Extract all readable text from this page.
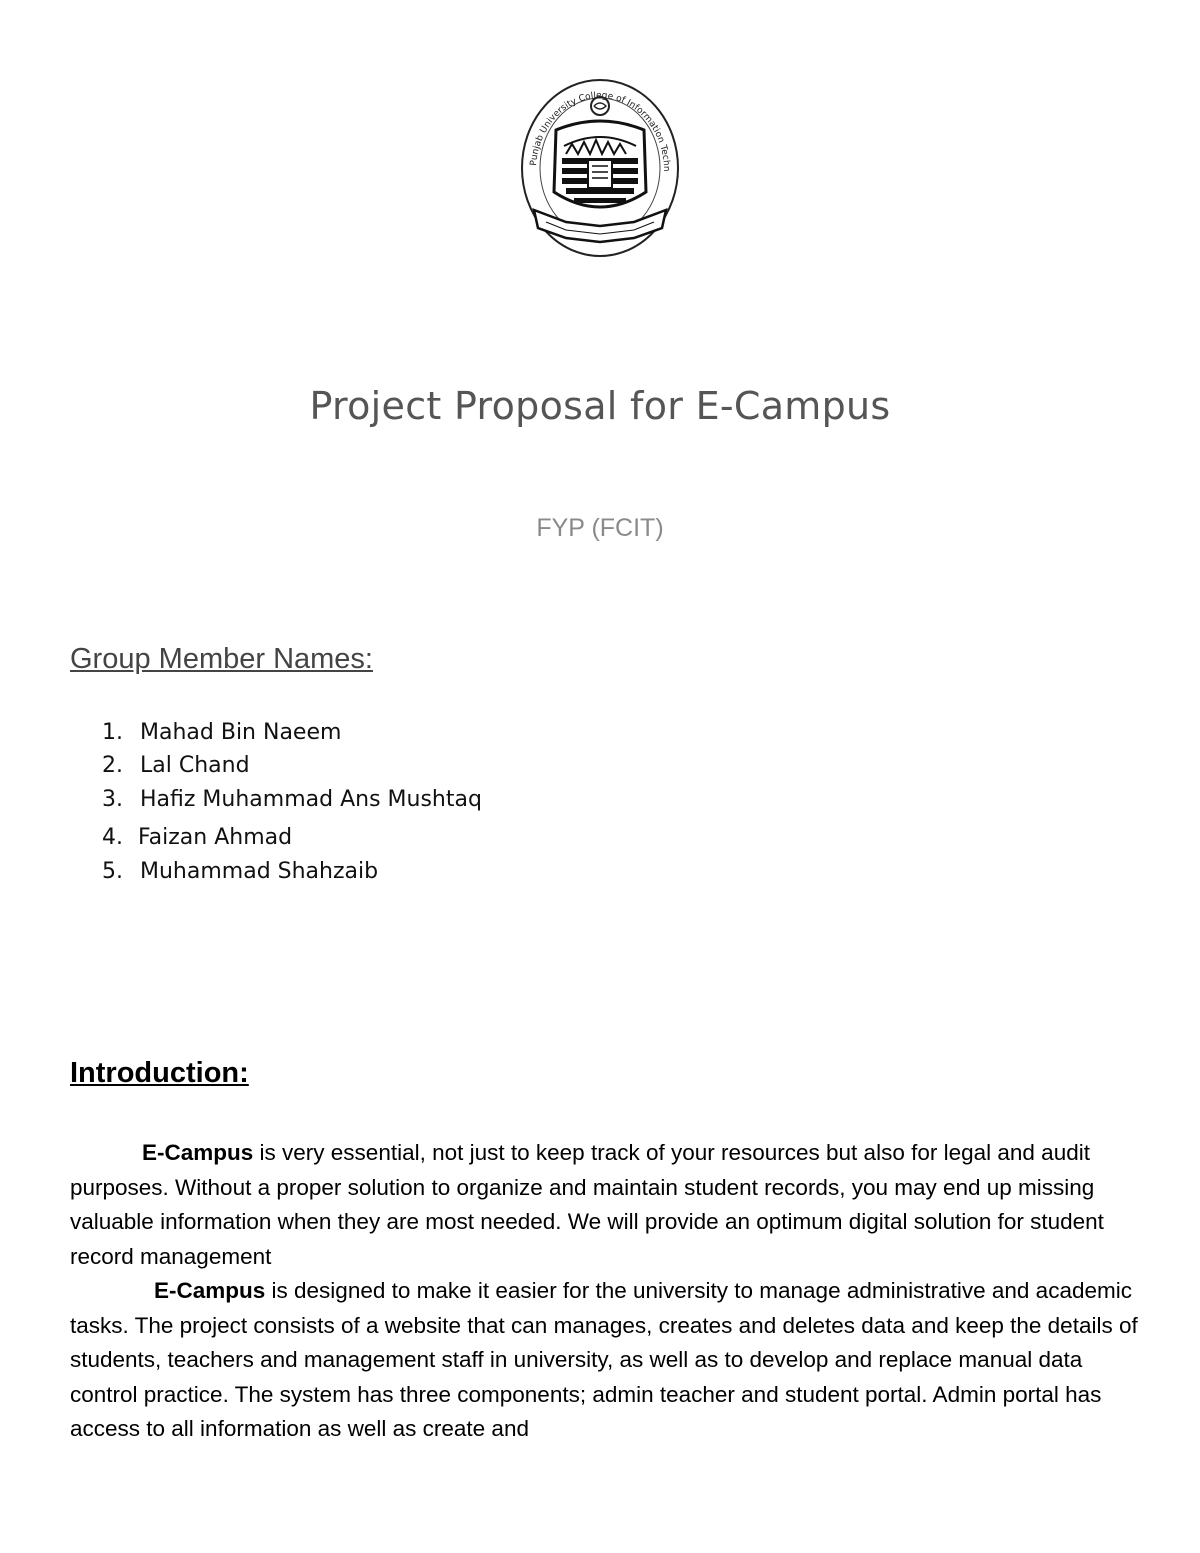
Punjab University College of Information Techn
Project Proposal for E-Campus

FYP (FCIT)

Group Member Names:
1. Mahad Bin Naeem
2. Lal Chand
3. Hafiz Muhammad Ans Mushtaq
4. Faizan Ahmad
5. Muhammad Shahzaib
Introduction:

E-Campus is very essential, not just to keep track of your resources but also for legal and audit purposes. Without a proper solution to organize and maintain student records, you may end up missing valuable information when they are most needed. We will provide an optimum digital solution for student record management

E-Campus is designed to make it easier for the university to manage administrative and academic tasks. The project consists of a website that can manages, creates and deletes data and keep the details of students, teachers and management staff in university, as well as to develop and replace manual data control practice. The system has three components; admin teacher and student portal. Admin portal has access to all information as well as create and
